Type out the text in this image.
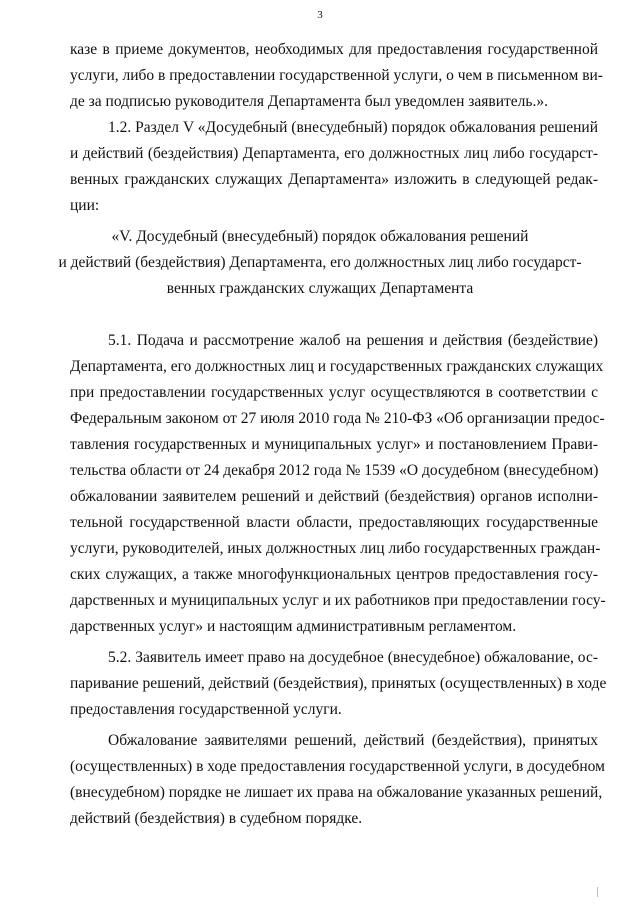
3
казе в приеме документов, необходимых для предоставления государственной
услуги, либо в предоставлении государственной услуги, о чем в письменном ви-
де за подписью руководителя Департамента был уведомлен заявитель.».
1.2. Раздел V «Досудебный (внесудебный) порядок обжалования решений
и действий (бездействия) Департамента, его должностных лиц либо государст-
венных гражданских служащих Департамента» изложить в следующей редак-
ции:
«V. Досудебный (внесудебный) порядок обжалования решений
и действий (бездействия) Департамента, его должностных лиц либо государст-
венных гражданских служащих Департамента
5.1. Подача и рассмотрение жалоб на решения и действия (бездействие)
Департамента, его должностных лиц и государственных гражданских служащих
при предоставлении государственных услуг осуществляются в соответствии с
Федеральным законом от 27 июля 2010 года № 210-ФЗ «Об организации предос-
тавления государственных и муниципальных услуг» и постановлением Прави-
тельства области от 24 декабря 2012 года № 1539 «О досудебном (внесудебном)
обжаловании заявителем решений и действий (бездействия) органов исполни-
тельной государственной власти области, предоставляющих государственные
услуги, руководителей, иных должностных лиц либо государственных граждан-
ских служащих, а также многофункциональных центров предоставления госу-
дарственных и муниципальных услуг и их работников при предоставлении госу-
дарственных услуг» и настоящим административным регламентом.
5.2. Заявитель имеет право на досудебное (внесудебное) обжалование, ос-
паривание решений, действий (бездействия), принятых (осуществленных) в ходе
предоставления государственной услуги.
Обжалование заявителями решений, действий (бездействия), принятых
(осуществленных) в ходе предоставления государственной услуги, в досудебном
(внесудебном) порядке не лишает их права на обжалование указанных решений,
действий (бездействия) в судебном порядке.
